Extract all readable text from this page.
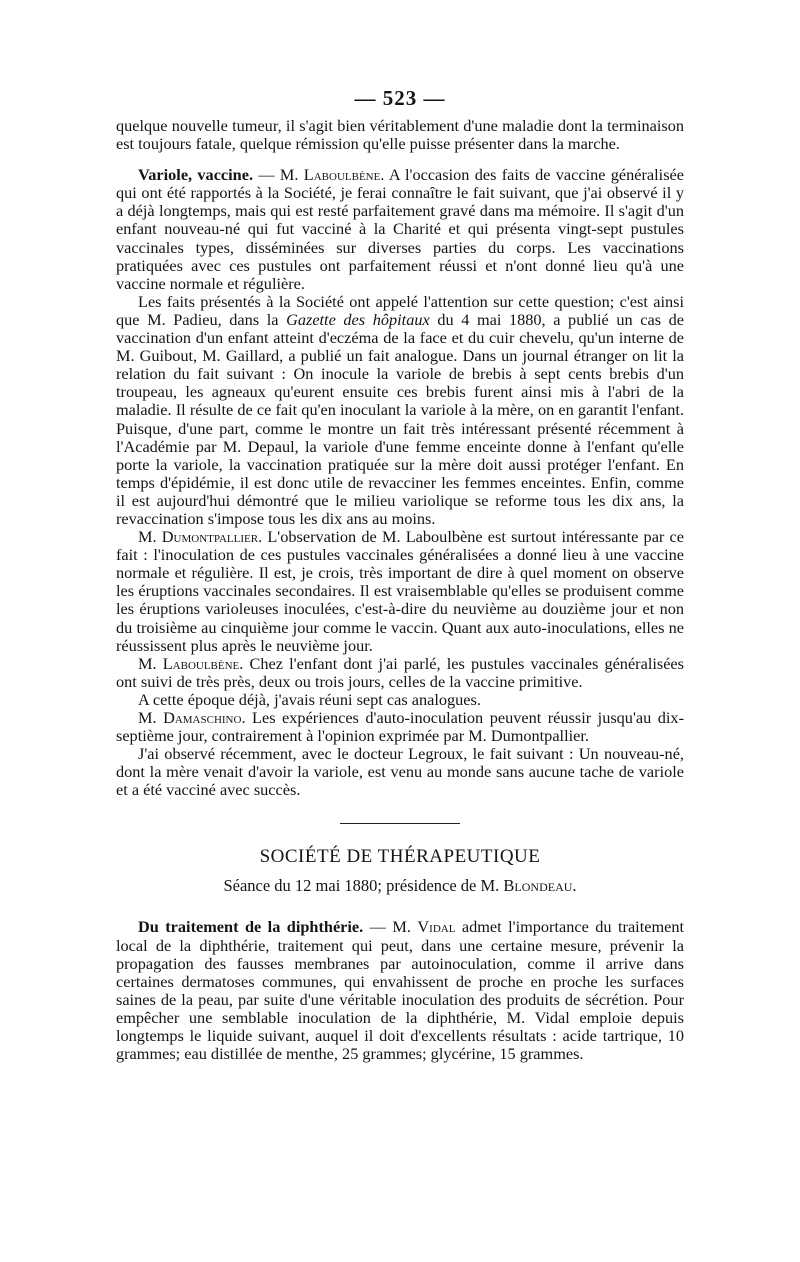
— 523 —

quelque nouvelle tumeur, il s'agit bien véritablement d'une maladie dont la terminaison est toujours fatale, quelque rémission qu'elle puisse présenter dans la marche.

Variole, vaccine. — M. Laboulbène. A l'occasion des faits de vaccine généralisée qui ont été rapportés à la Société, je ferai connaître le fait suivant, que j'ai observé il y a déjà longtemps, mais qui est resté parfaitement gravé dans ma mémoire. Il s'agit d'un enfant nouveau-né qui fut vacciné à la Charité et qui présenta vingt-sept pustules vaccinales types, disséminées sur diverses parties du corps. Les vaccinations pratiquées avec ces pustules ont parfaitement réussi et n'ont donné lieu qu'à une vaccine normale et régulière.

Les faits présentés à la Société ont appelé l'attention sur cette question; c'est ainsi que M. Padieu, dans la Gazette des hôpitaux du 4 mai 1880, a publié un cas de vaccination d'un enfant atteint d'eczéma de la face et du cuir chevelu, qu'un interne de M. Guibout, M. Gaillard, a publié un fait analogue. Dans un journal étranger on lit la relation du fait suivant : On inocule la variole de brebis à sept cents brebis d'un troupeau, les agneaux qu'eurent ensuite ces brebis furent ainsi mis à l'abri de la maladie. Il résulte de ce fait qu'en inoculant la variole à la mère, on en garantit l'enfant. Puisque, d'une part, comme le montre un fait très intéressant présenté récemment à l'Académie par M. Depaul, la variole d'une femme enceinte donne à l'enfant qu'elle porte la variole, la vaccination pratiquée sur la mère doit aussi protéger l'enfant. En temps d'épidémie, il est donc utile de revacciner les femmes enceintes. Enfin, comme il est aujourd'hui démontré que le milieu variolique se reforme tous les dix ans, la revaccination s'impose tous les dix ans au moins.

M. Dumontpallier. L'observation de M. Laboulbène est surtout intéressante par ce fait : l'inoculation de ces pustules vaccinales généralisées a donné lieu à une vaccine normale et régulière. Il est, je crois, très important de dire à quel moment on observe les éruptions vaccinales secondaires. Il est vraisemblable qu'elles se produisent comme les éruptions varioleuses inoculées, c'est-à-dire du neuvième au douzième jour et non du troisième au cinquième jour comme le vaccin. Quant aux auto-inoculations, elles ne réussissent plus après le neuvième jour.

M. Laboulbène. Chez l'enfant dont j'ai parlé, les pustules vaccinales généralisées ont suivi de très près, deux ou trois jours, celles de la vaccine primitive.

A cette époque déjà, j'avais réuni sept cas analogues.

M. Damaschino. Les expériences d'auto-inoculation peuvent réussir jusqu'au dix-septième jour, contrairement à l'opinion exprimée par M. Dumontpallier.

J'ai observé récemment, avec le docteur Legroux, le fait suivant : Un nouveau-né, dont la mère venait d'avoir la variole, est venu au monde sans aucune tache de variole et a été vacciné avec succès.

SOCIÉTÉ DE THÉRAPEUTIQUE
Séance du 12 mai 1880; présidence de M. Blondeau.

Du traitement de la diphthérie. — M. Vidal admet l'importance du traitement local de la diphthérie, traitement qui peut, dans une certaine mesure, prévenir la propagation des fausses membranes par autoinoculation, comme il arrive dans certaines dermatoses communes, qui envahissent de proche en proche les surfaces saines de la peau, par suite d'une véritable inoculation des produits de sécrétion. Pour empêcher une semblable inoculation de la diphthérie, M. Vidal emploie depuis longtemps le liquide suivant, auquel il doit d'excellents résultats : acide tartrique, 10 grammes; eau distillée de menthe, 25 grammes; glycérine, 15 grammes.
